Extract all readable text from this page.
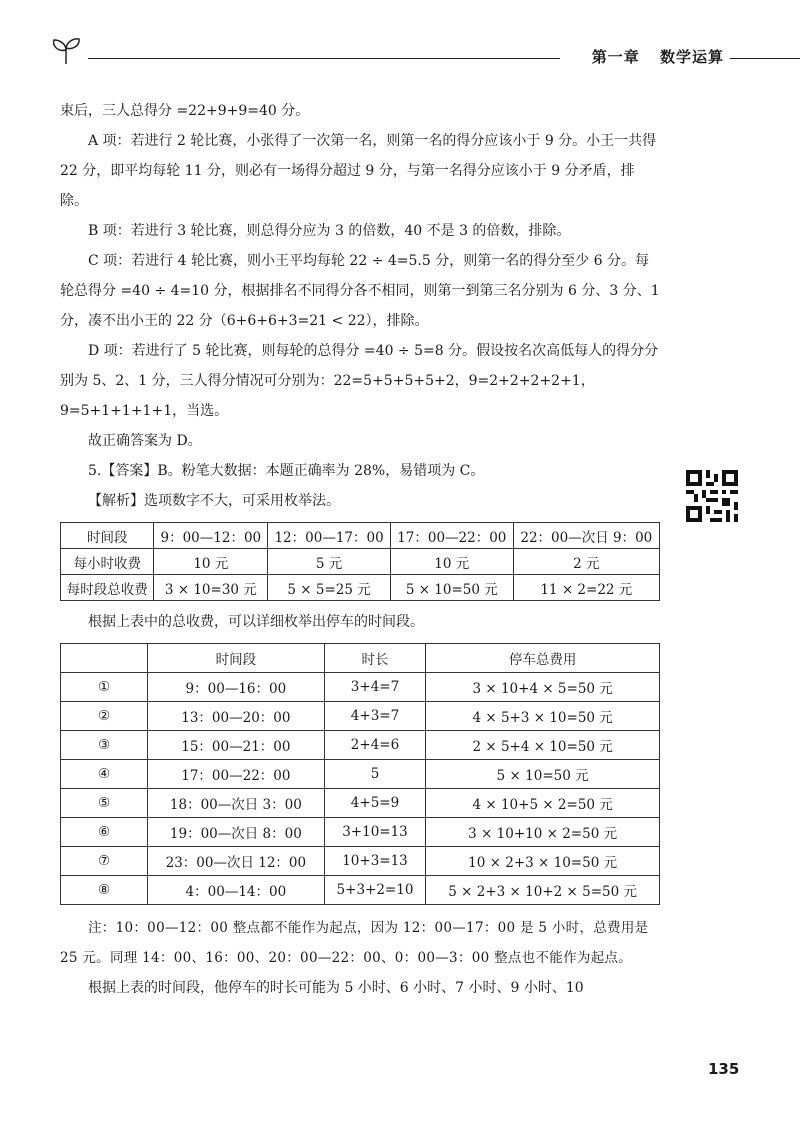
第一章 数学运算

束后，三人总得分 =22+9+9=40 分。

A 项：若进行 2 轮比赛，小张得了一次第一名，则第一名的得分应该小于 9 分。小王一共得 22 分，即平均每轮 11 分，则必有一场得分超过 9 分，与第一名得分应该小于 9 分矛盾，排除。

B 项：若进行 3 轮比赛，则总得分应为 3 的倍数，40 不是 3 的倍数，排除。

C 项：若进行 4 轮比赛，则小王平均每轮 22 ÷ 4=5.5 分，则第一名的得分至少 6 分。每轮总得分 =40 ÷ 4=10 分，根据排名不同得分各不相同，则第一到第三名分别为 6 分、3 分、1 分，凑不出小王的 22 分（6+6+6+3=21 < 22），排除。

D 项：若进行了 5 轮比赛，则每轮的总得分 =40 ÷ 5=8 分。假设按名次高低每人的得分分别为 5、2、1 分，三人得分情况可分别为：22=5+5+5+5+2，9=2+2+2+2+1，9=5+1+1+1+1，当选。

故正确答案为 D。

5.【答案】B。粉笔大数据：本题正确率为 28%，易错项为 C。

【解析】选项数字不大，可采用枚举法。

时间段	9：00—12：00	12：00—17：00	17：00—22：00	22：00—次日 9：00
每小时收费	10 元	5 元	10 元	2 元
每时段总收费	3 × 10=30 元	5 × 5=25 元	5 × 10=50 元	11 × 2=22 元

根据上表中的总收费，可以详细枚举出停车的时间段。

	时间段	时长	停车总费用
①	9：00—16：00	3+4=7	3 × 10+4 × 5=50 元
②	13：00—20：00	4+3=7	4 × 5+3 × 10=50 元
③	15：00—21：00	2+4=6	2 × 5+4 × 10=50 元
④	17：00—22：00	5	5 × 10=50 元
⑤	18：00—次日 3：00	4+5=9	4 × 10+5 × 2=50 元
⑥	19：00—次日 8：00	3+10=13	3 × 10+10 × 2=50 元
⑦	23：00—次日 12：00	10+3=13	10 × 2+3 × 10=50 元
⑧	4：00—14：00	5+3+2=10	5 × 2+3 × 10+2 × 5=50 元

注：10：00—12：00 整点都不能作为起点，因为 12：00—17：00 是 5 小时，总费用是 25 元。同理 14：00、16：00、20：00—22：00、0：00—3：00 整点也不能作为起点。

根据上表的时间段，他停车的时长可能为 5 小时、6 小时、7 小时、9 小时、10

135
